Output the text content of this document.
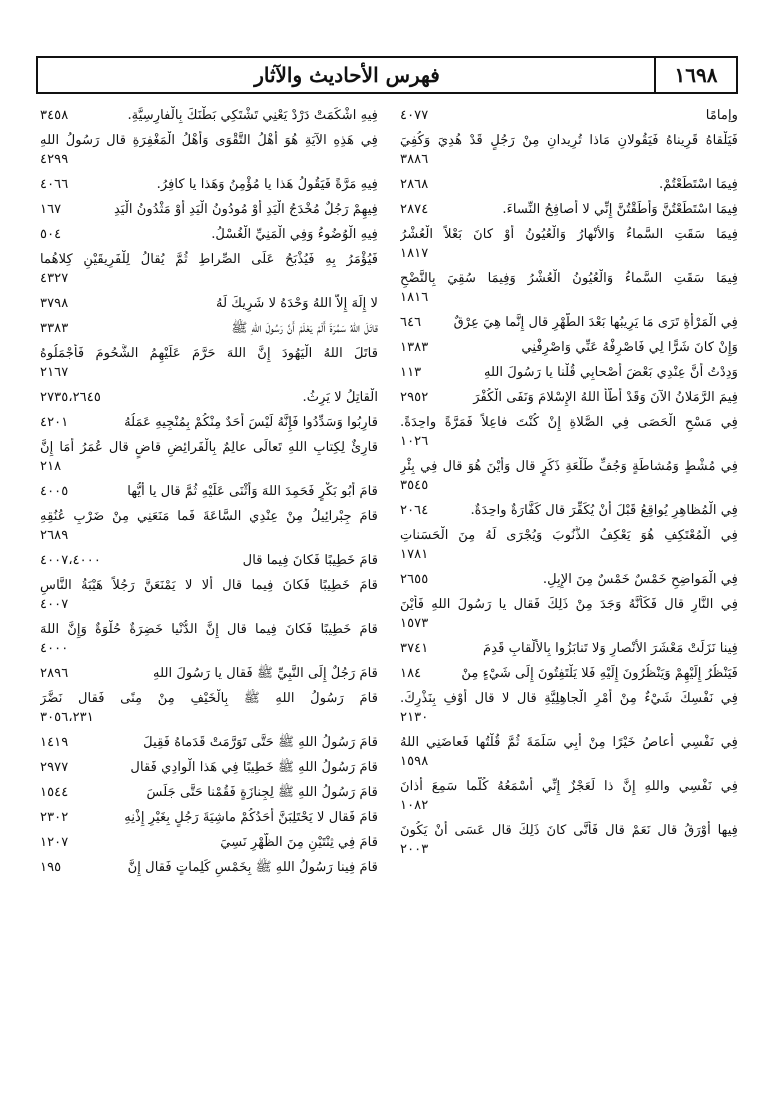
١٦٩٨
فهرس الأحاديث والآثار
وإمامًا
٤٠٧٧
فَيَلْقاهُ قَرِيناهُ فَيَقُولانِ مَاذا تُرِيدانِ مِنْ رَجُلٍ قَدْ هُدِيَ وَكُفِيَ
٣٨٨٦
فِيمَا اسْتَطَعْتُمْ.
٢٨٦٨
فِيمَا اسْتَطَعْتُنَّ وَأَطَقْتُنَّ إِنِّي لا أُصافِحُ النِّساءَ.
٢٨٧٤
فِيمَا سَقَتِ السَّماءُ وَالأَنْهارُ وَالْعُيُونُ أَوْ كانَ بَعْلاً الْعُشْرُ
١٨١٧
فِيمَا سَقَتِ السَّماءُ وَالْعُيُونُ الْعُشْرُ وَفِيمَا سُقِيَ بِالنَّضْحِ
١٨١٦
فِي الْمَرْأَةِ تَرَى مَا يَرِيبُها بَعْدَ الطُّهْرِ قال إِنَّما هِيَ عِرْقٌ
٦٤٦
وَإِنْ كانَ شَرًّا لِي فَاصْرِفْهُ عَنِّي وَاصْرِفْنِي
١٣٨٣
وَدِدْتُ أَنَّ عِنْدِي بَعْضَ أَصْحابِي قُلْنا يا رَسُولَ اللهِ
١١٣
فِيمَ الرَّمَلانُ الآنَ وَقَدْ أَطَّأَ اللهُ الإِسْلامَ وَنَفَى الْكُفْرَ
٢٩٥٢
فِي مَسْحِ الْحَصَى فِي الصَّلاةِ إِنْ كُنْتَ فاعِلاً فَمَرَّةً واحِدَةً.
١٠٢٦
فِي مُشْطٍ وَمُشاطَةٍ وَجُفِّ طَلْعَةِ ذَكَرٍ قال وَأَيْنَ هُوَ قال فِي بِئْرِ
٣٥٤٥
فِي الْمُظاهِرِ يُواقِعُ قَبْلَ أَنْ يُكَفِّرَ قال كَفَّارَةٌ واحِدَةٌ.
٢٠٦٤
فِي الْمُعْتَكِفِ هُوَ يَعْكِفُ الذُّنُوبَ وَيُجْرَى لَهُ مِنَ الْحَسَناتِ
١٧٨١
فِي الْمَواضِحِ خَمْسٌ خَمْسٌ مِنَ الإِبِلِ.
٢٦٥٥
فِي النَّارِ قال فَكَأَنَّهُ وَجَدَ مِنْ ذَلِكَ فَقال يا رَسُولَ اللهِ فَأَيْنَ
١٥٧٣
فِينا نَزَلَتْ مَعْشَرَ الأَنْصارِ وَلا تَنابَزُوا بِالأَلْقابِ قَدِمَ
٣٧٤١
فَيَنْظُرُ إِلَيْهِمْ وَيَنْظُرُونَ إِلَيْهِ فَلا يَلْتَفِتُونَ إِلَى شَيْءٍ مِنْ
١٨٤
فِي نَفْسِكَ شَيْءٌ مِنْ أَمْرِ الْجاهِلِيَّةِ قال لا قال أَوْفِ بِنَذْرِكَ.
٢١٣٠
فِي نَفْسِي أُعاصُ خَيْرًا مِنْ أَبِي سَلَمَةَ ثُمَّ قُلْتُها فَعاضَنِي اللهُ
١٥٩٨
فِي نَفْسِي واللهِ إِنَّ ذا لَعَجْزٌ إِنِّي أَسْمَعُهُ كُلَّما سَمِعَ أَذانَ
١٠٨٢
فِيها أَوْرَقُ قال نَعَمْ قال فَأَنَّى كانَ ذَلِكَ قال عَسَى أَنْ يَكُونَ
٢٠٠٣
فِيهِ اشْكَمَتْ دَرْدْ يَعْنِي تَشْتَكِي بَطْنَكَ بِالْفارِسِيَّةِ.
٣٤٥٨
فِي هَذِهِ الآيَةِ هُوَ أَهْلُ التَّقْوَى وَأَهْلُ الْمَغْفِرَةِ قال رَسُولُ اللهِ
٤٢٩٩
فِيهِ مَرَّةً فَيَقُولُ هَذا يا مُؤْمِنُ وَهَذا يا كافِرُ.
٤٠٦٦
فِيهِمْ رَجُلٌ مُخْدَجُ الْيَدِ أَوْ مُودُونُ الْيَدِ أَوْ مَثْدُونُ الْيَدِ
١٦٧
فِيهِ الْوُضُوءُ وَفِي الْمَنِيِّ الْغُسْلُ.
٥٠٤
فَيُؤْمَرُ بِهِ فَيُذْبَحُ عَلَى الصِّراطِ ثُمَّ يُقالُ لِلْفَرِيقَيْنِ كِلاهُما
٤٣٢٧
لا إِلَهَ إِلاَّ اللهُ وَحْدَهُ لا شَرِيكَ لَهُ
٣٧٩٨
قاتَلَ اللهُ سَمُرَةَ أَلَمْ يَعْلَمْ أَنَّ رَسُولَ اللهِ ﷺ
٣٣٨٣
قاتَلَ اللهُ الْيَهُودَ إِنَّ اللهَ حَرَّمَ عَلَيْهِمُ الشُّحُومَ فَأَجْمَلُوهُ
٢١٦٧
الْقاتِلُ لا يَرِثُ.
٢٧٣٥،٢٦٤٥
قارِبُوا وَسَدِّدُوا فَإِنَّهُ لَيْسَ أَحَدٌ مِنْكُمْ بِمُنْجِيهِ عَمَلُهُ
٤٢٠١
قارِئٌ لِكِتابِ اللهِ تَعالَى عالِمٌ بِالْفَرائِضِ قاضٍ قال عُمَرُ أَمَا إِنَّ
٢١٨
قامَ أَبُو بَكْرٍ فَحَمِدَ اللهَ وَأَثْنَى عَلَيْهِ ثُمَّ قال يا أَيُّها
٤٠٠٥
قامَ جِبْرائِيلُ مِنْ عِنْدِي السَّاعَةَ فَما مَنَعَنِي مِنْ ضَرْبِ عُنُقِهِ
٢٦٨٩
قامَ خَطِيبًا فَكانَ فِيما قال
٤٠٠٧،٤٠٠٠
قامَ خَطِيبًا فَكانَ فِيما قال أَلا لا يَمْنَعَنَّ رَجُلاً هَيْبَةُ النَّاسِ
٤٠٠٧
قامَ خَطِيبًا فَكانَ فِيما قال إِنَّ الدُّنْيا خَضِرَةٌ حُلْوَةٌ وَإِنَّ اللهَ
٤٠٠٠
قامَ رَجُلٌ إِلَى النَّبِيِّ ﷺ فَقال يا رَسُولَ اللهِ
٢٨٩٦
قامَ رَسُولُ اللهِ ﷺ بِالْخَيْفِ مِنْ مِنًى فَقال نَضَّرَ
٣٠٥٦،٢٣١
قامَ رَسُولُ اللهِ ﷺ حَتَّى تَوَرَّمَتْ قَدَماهُ فَقِيلَ
١٤١٩
قامَ رَسُولُ اللهِ ﷺ خَطِيبًا فِي هَذا الْوادِي فَقال
٢٩٧٧
قامَ رَسُولُ اللهِ ﷺ لِجِنازَةٍ فَقُمْنا حَتَّى جَلَسَ
١٥٤٤
قامَ فَقال لا يَحْتَلِبَنَّ أَحَدُكُمْ ماشِيَةَ رَجُلٍ بِغَيْرِ إِذْنِهِ
٢٣٠٢
قامَ فِي ثِنْتَيْنِ مِنَ الظُّهْرِ نَسِيَ
١٢٠٧
قامَ فِينا رَسُولُ اللهِ ﷺ بِخَمْسِ كَلِماتٍ فَقال إِنَّ
١٩٥
